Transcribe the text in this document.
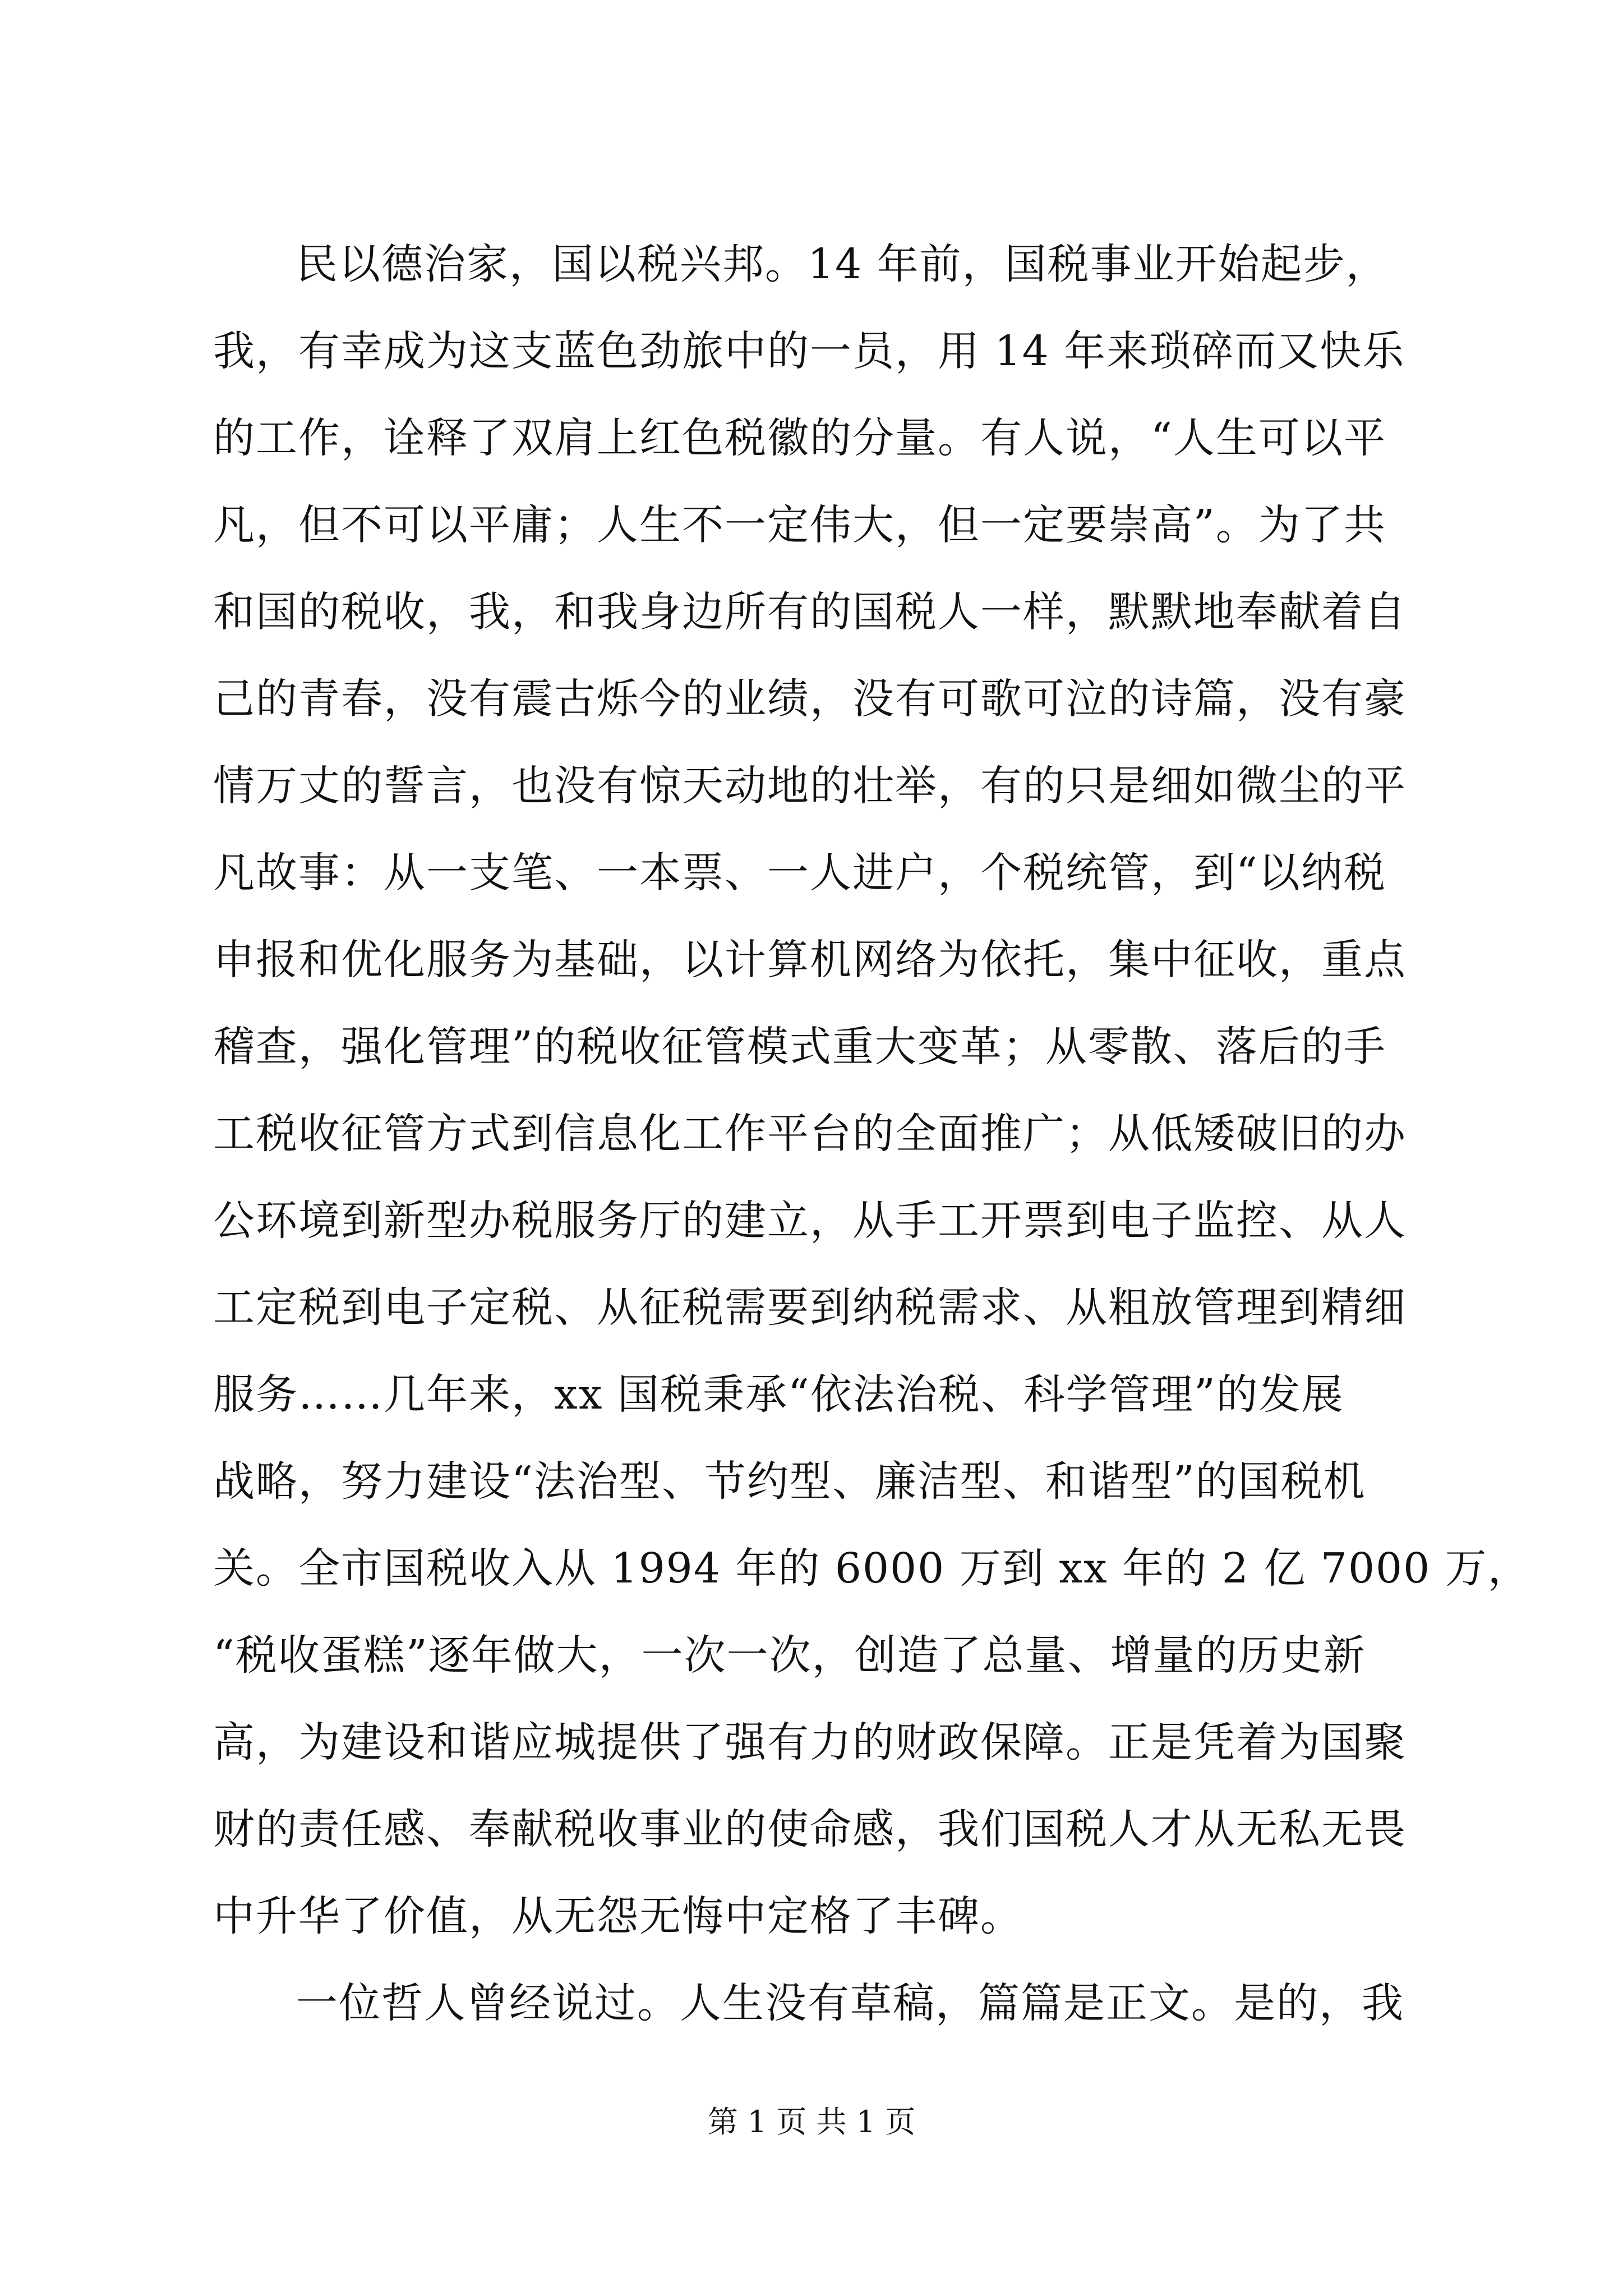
民以德治家，国以税兴邦。14 年前，国税事业开始起步，
我，有幸成为这支蓝色劲旅中的一员，用 14 年来琐碎而又快乐
的工作，诠释了双肩上红色税徽的分量。有人说，“人生可以平
凡，但不可以平庸；人生不一定伟大，但一定要崇高”。为了共
和国的税收，我，和我身边所有的国税人一样，默默地奉献着自
己的青春，没有震古烁今的业绩，没有可歌可泣的诗篇，没有豪
情万丈的誓言，也没有惊天动地的壮举，有的只是细如微尘的平
凡故事：从一支笔、一本票、一人进户，个税统管，到“以纳税
申报和优化服务为基础，以计算机网络为依托，集中征收，重点
稽查，强化管理”的税收征管模式重大变革；从零散、落后的手
工税收征管方式到信息化工作平台的全面推广；从低矮破旧的办
公环境到新型办税服务厅的建立，从手工开票到电子监控、从人
工定税到电子定税、从征税需要到纳税需求、从粗放管理到精细
服务……几年来，xx 国税秉承“依法治税、科学管理”的发展
战略，努力建设“法治型、节约型、廉洁型、和谐型”的国税机
关。全市国税收入从 1994 年的 6000 万到 xx 年的 2 亿 7000 万，
“税收蛋糕”逐年做大，一次一次，创造了总量、增量的历史新
高，为建设和谐应城提供了强有力的财政保障。正是凭着为国聚
财的责任感、奉献税收事业的使命感，我们国税人才从无私无畏
中升华了价值，从无怨无悔中定格了丰碑。
一位哲人曾经说过。人生没有草稿，篇篇是正文。是的，我
第 1 页 共 1 页
